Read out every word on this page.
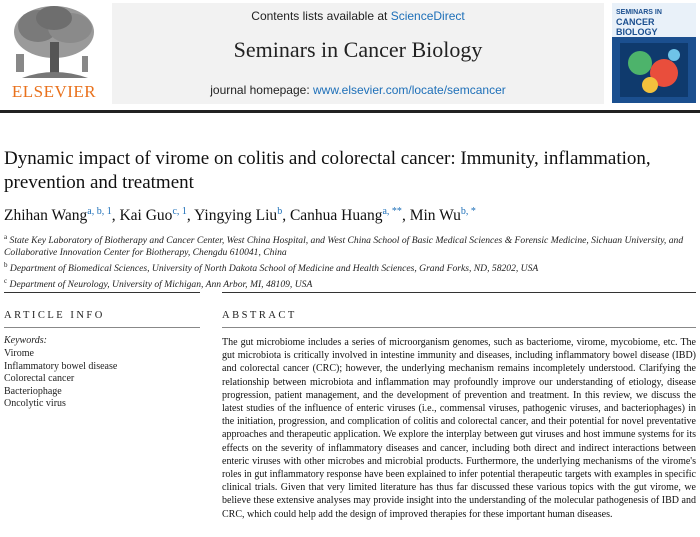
ELSEVIER
Contents lists available at ScienceDirect
Seminars in Cancer Biology
journal homepage: www.elsevier.com/locate/semcancer
SEMINARS IN
CANCER
BIOLOGY
Dynamic impact of virome on colitis and colorectal cancer: Immunity, inflammation, prevention and treatment
Zhihan Wang$^{a, b, 1}$, Kai Guo$^{c, 1}$, Yingying Liu$^b$, Canhua Huang$^{a, **}$, Min $Wu^{b, *}$
$^a$ State Key Laboratory of Biotherapy and Cancer Center, West China Hospital, and West China School of Basic Medical Sciences & Forensic Medicine, Sichuan University, and Collaborative Innovation Center for Biotherapy, Chengdu 610041, China
$^b$ Department of Biomedical Sciences, University of North Dakota School of Medicine and Health Sciences, Grand Forks, ND, 58202, USA
$^c$ Department of Neurology, University of Michigan, Ann Arbor, MI, 48109, USA
ARTICLE INFO	ABSTRACT
Keywords:
Virome
Inflammatory bowel disease
Colorectal cancer
Bacteriophage
Oncolytic virus

The gut microbiome includes a series of microorganism genomes, such as bacteriome, virome, mycobiome, etc. The gut microbiota is critically involved in intestine immunity and diseases, including inflammatory bowel disease (IBD) and colorectal cancer (CRC); however, the underlying mechanism remains incompletely understood. Clarifying the relationship between microbiota and inflammation may profoundly improve our understanding of etiology, disease progression, patient management, and the development of prevention and treatment. In this review, we discuss the latest studies of the influence of enteric viruses (i.e., commensal viruses, pathogenic viruses, and bacteriophages) in the initiation, progression, and complication of colitis and colorectal cancer, and their potential for novel preventative approaches and therapeutic application. We explore the interplay between gut viruses and host immune systems for its effects on the severity of inflammatory diseases and cancer, including both direct and indirect interactions between enteric viruses with other microbes and microbial products. Furthermore, the underlying mechanisms of the virome's roles in gut inflammatory response have been explained to infer potential therapeutic targets with examples in specific clinical trials. Given that very limited literature has thus far discussed these various topics with the gut virome, we believe these extensive analyses may provide insight into the understanding of the molecular pathogenesis of IBD and CRC, which could help add the design of improved therapies for these important human diseases.
